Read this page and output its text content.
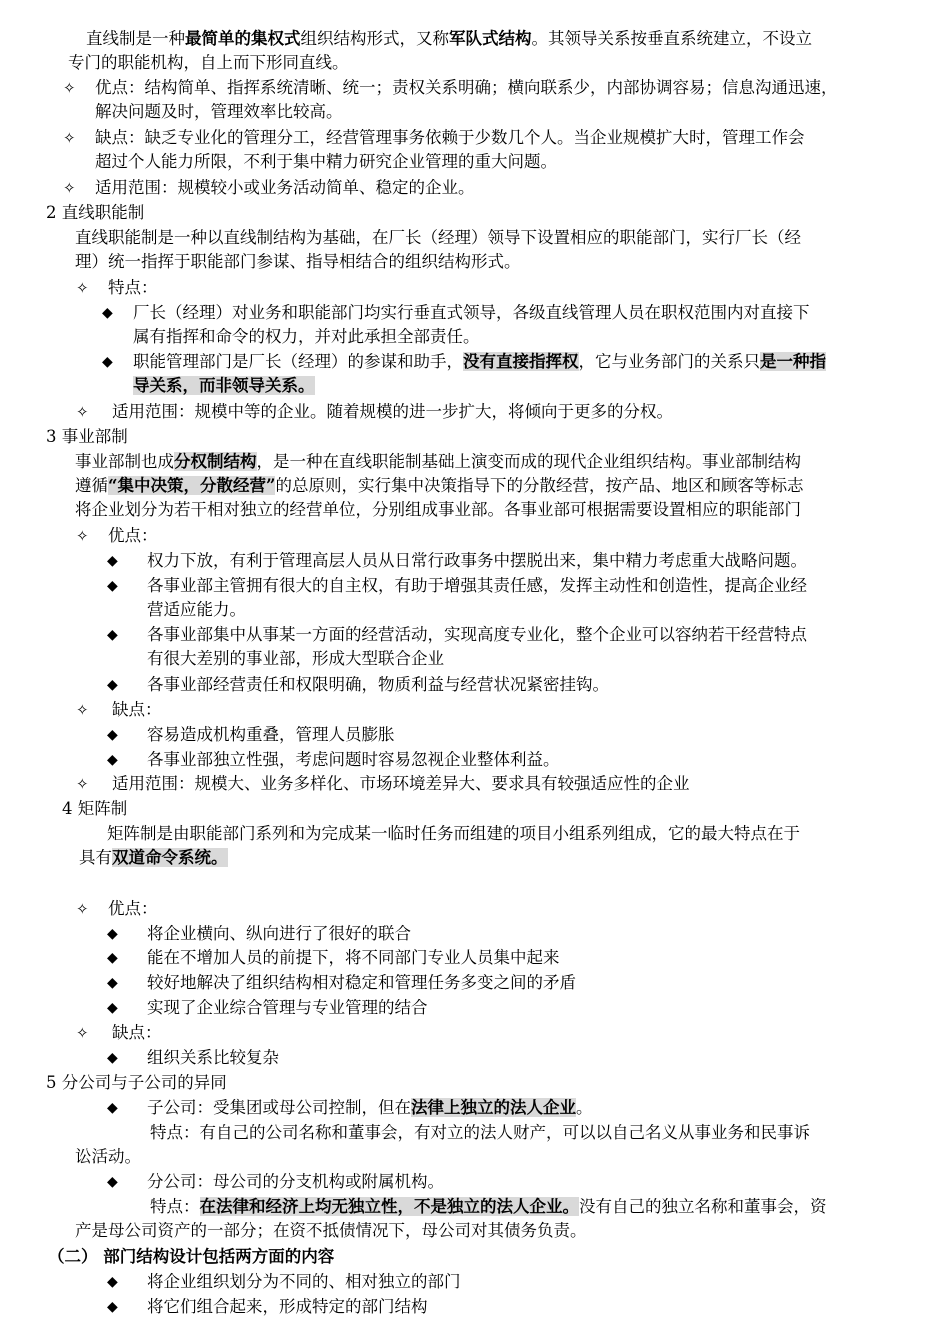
直线制是一种最简单的集权式组织结构形式，又称军队式结构。其领导关系按垂直系统建立，不设立
专门的职能机构，自上而下形同直线。
✧ 优点：结构简单、指挥系统清晰、统一；责权关系明确；横向联系少，内部协调容易；信息沟通迅速，
解决问题及时，管理效率比较高。
✧ 缺点：缺乏专业化的管理分工，经营管理事务依赖于少数几个人。当企业规模扩大时，管理工作会
超过个人能力所限，不利于集中精力研究企业管理的重大问题。
✧ 适用范围：规模较小或业务活动简单、稳定的企业。
2 直线职能制
直线职能制是一种以直线制结构为基础，在厂长（经理）领导下设置相应的职能部门，实行厂长（经
理）统一指挥于职能部门参谋、指导相结合的组织结构形式。
✧ 特点：
◆ 厂长（经理）对业务和职能部门均实行垂直式领导，各级直线管理人员在职权范围内对直接下
属有指挥和命令的权力，并对此承担全部责任。
◆ 职能管理部门是厂长（经理）的参谋和助手，没有直接指挥权，它与业务部门的关系只是一种指
导关系，而非领导关系。
✧ 适用范围：规模中等的企业。随着规模的进一步扩大，将倾向于更多的分权。
3 事业部制
事业部制也成分权制结构，是一种在直线职能制基础上演变而成的现代企业组织结构。事业部制结构
遵循“集中决策，分散经营”的总原则，实行集中决策指导下的分散经营，按产品、地区和顾客等标志
将企业划分为若干相对独立的经营单位，分别组成事业部。各事业部可根据需要设置相应的职能部门
✧ 优点：
◆ 权力下放，有利于管理高层人员从日常行政事务中摆脱出来，集中精力考虑重大战略问题。
◆ 各事业部主管拥有很大的自主权，有助于增强其责任感，发挥主动性和创造性，提高企业经
营适应能力。
◆ 各事业部集中从事某一方面的经营活动，实现高度专业化，整个企业可以容纳若干经营特点
有很大差别的事业部，形成大型联合企业
◆ 各事业部经营责任和权限明确，物质利益与经营状况紧密挂钩。
✧ 缺点：
◆ 容易造成机构重叠，管理人员膨胀
◆ 各事业部独立性强，考虑问题时容易忽视企业整体利益。
✧ 适用范围：规模大、业务多样化、市场环境差异大、要求具有较强适应性的企业
4 矩阵制
矩阵制是由职能部门系列和为完成某一临时任务而组建的项目小组系列组成，它的最大特点在于
具有双道命令系统。
✧ 优点：
◆ 将企业横向、纵向进行了很好的联合
◆ 能在不增加人员的前提下，将不同部门专业人员集中起来
◆ 较好地解决了组织结构相对稳定和管理任务多变之间的矛盾
◆ 实现了企业综合管理与专业管理的结合
✧ 缺点：
◆ 组织关系比较复杂
5 分公司与子公司的异同
◆ 子公司：受集团或母公司控制，但在法律上独立的法人企业。
特点：有自己的公司名称和董事会，有对立的法人财产，可以以自己名义从事业务和民事诉
讼活动。
◆ 分公司：母公司的分支机构或附属机构。
特点：在法律和经济上均无独立性，不是独立的法人企业。没有自己的独立名称和董事会，资
产是母公司资产的一部分；在资不抵债情况下，母公司对其债务负责。
（二） 部门结构设计包括两方面的内容
◆ 将企业组织划分为不同的、相对独立的部门
◆ 将它们组合起来，形成特定的部门结构
